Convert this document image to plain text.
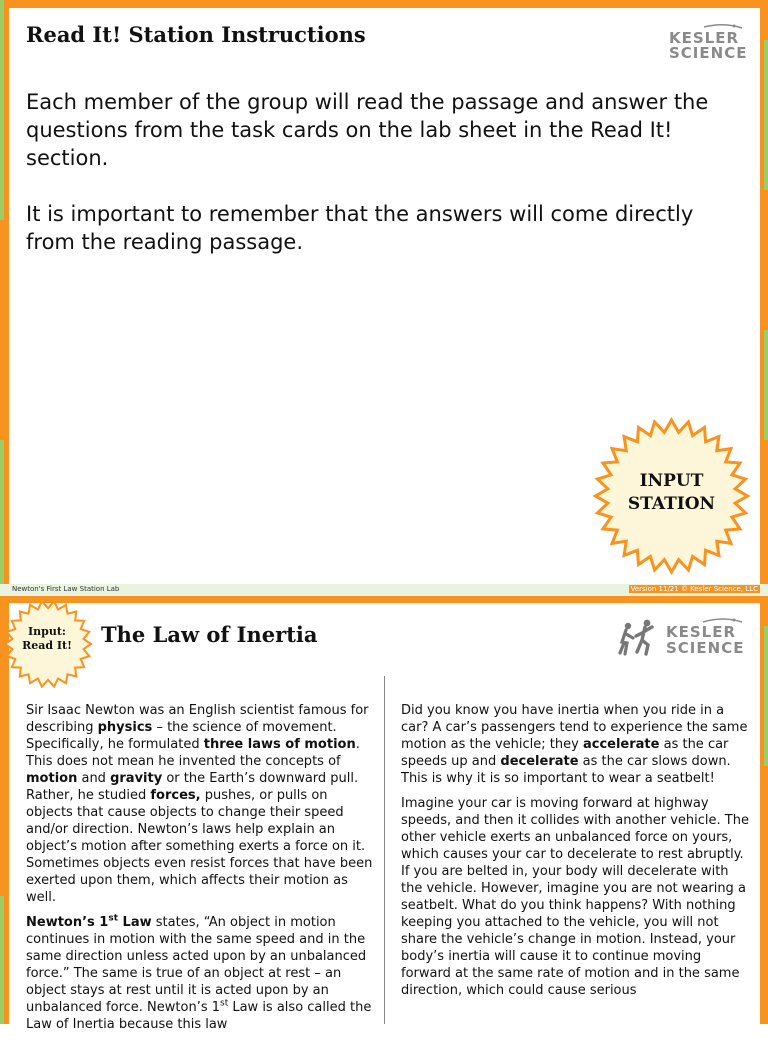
Read It! Station Instructions	KESLER
SCIENCE

Each member of the group will read the passage and answer the questions from the task cards on the lab sheet in the Read It! section.

It is important to remember that the answers will come directly from the reading passage.

INPUT
STATION
Newton's First Law Station Lab	Version 11/21 © Kesler Science, LLC
Input:
Read It!	The Law of Inertia	KESLER
SCIENCE

Sir Isaac Newton was an English scientist famous for describing physics – the science of movement. Specifically, he formulated three laws of motion. This does not mean he invented the concepts of motion and gravity or the Earth’s downward pull. Rather, he studied forces, pushes, or pulls on objects that cause objects to change their speed and/or direction. Newton’s laws help explain an object’s motion after something exerts a force on it. Sometimes objects even resist forces that have been exerted upon them, which affects their motion as well.

Newton’s 1st Law states, “An object in motion continues in motion with the same speed and in the same direction unless acted upon by an unbalanced force.” The same is true of an object at rest – an object stays at rest until it is acted upon by an unbalanced force. Newton’s 1st Law is also called the Law of Inertia because this law

Did you know you have inertia when you ride in a car? A car’s passengers tend to experience the same motion as the vehicle; they accelerate as the car speeds up and decelerate as the car slows down. This is why it is so important to wear a seatbelt!

Imagine your car is moving forward at highway speeds, and then it collides with another vehicle. The other vehicle exerts an unbalanced force on yours, which causes your car to decelerate to rest abruptly. If you are belted in, your body will decelerate with the vehicle. However, imagine you are not wearing a seatbelt. What do you think happens? With nothing keeping you attached to the vehicle, you will not share the vehicle’s change in motion. Instead, your body’s inertia will cause it to continue moving forward at the same rate of motion and in the same direction, which could cause serious
